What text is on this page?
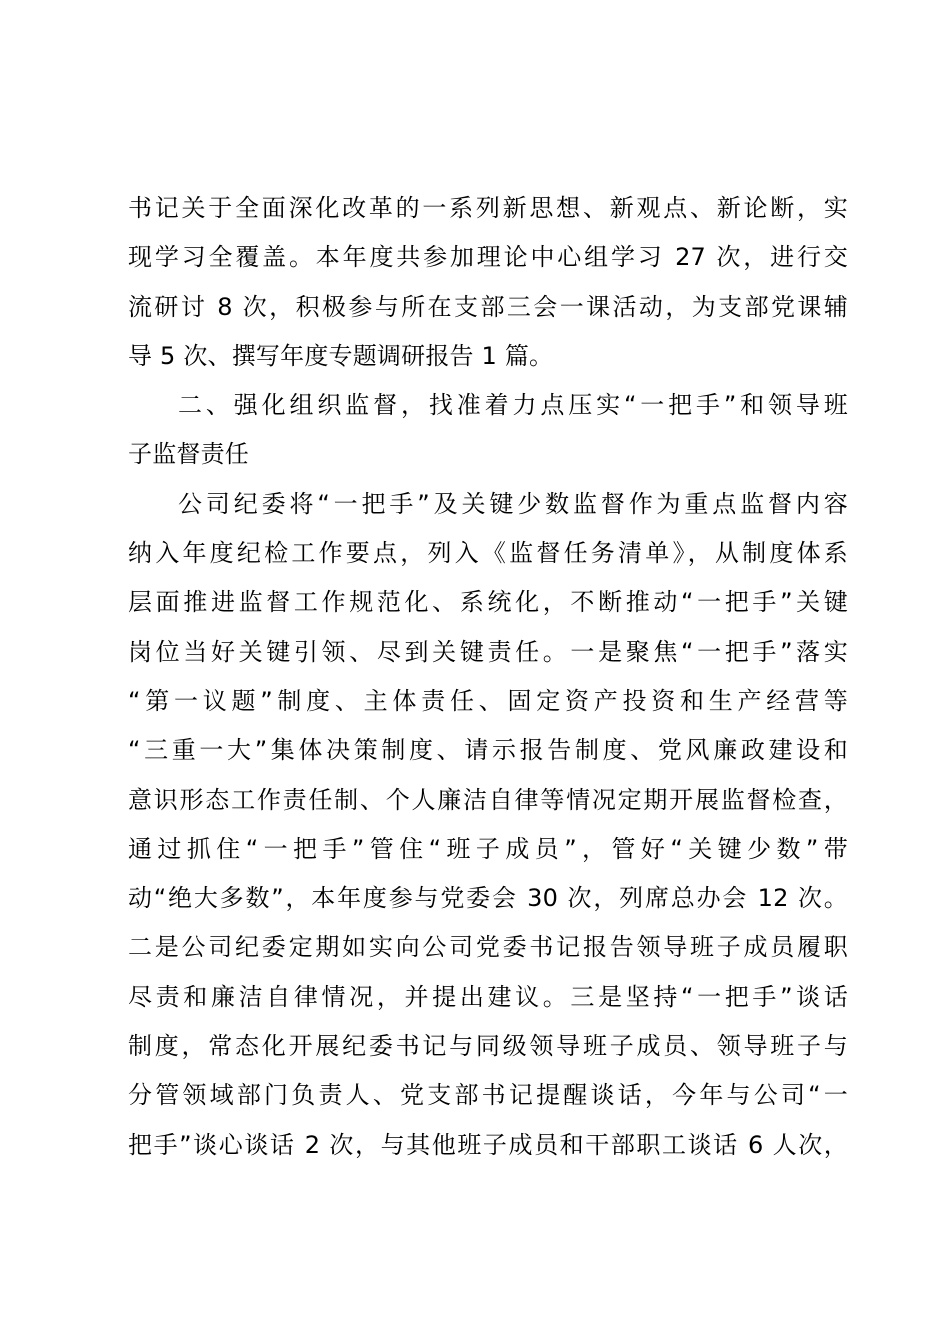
书记关于全面深化改革的一系列新思想、新观点、新论断，实
现学习全覆盖。本年度共参加理论中心组学习 27 次，进行交
流研讨 8 次，积极参与所在支部三会一课活动，为支部党课辅
导 5 次、撰写年度专题调研报告 1 篇。
二、强化组织监督，找准着力点压实“一把手”和领导班
子监督责任
公司纪委将“一把手”及关键少数监督作为重点监督内容
纳入年度纪检工作要点，列入《监督任务清单》，从制度体系
层面推进监督工作规范化、系统化，不断推动“一把手”关键
岗位当好关键引领、尽到关键责任。一是聚焦“一把手”落实
“第一议题”制度、主体责任、固定资产投资和生产经营等
“三重一大”集体决策制度、请示报告制度、党风廉政建设和
意识形态工作责任制、个人廉洁自律等情况定期开展监督检查，
通过抓住“一把手”管住“班子成员”，管好“关键少数”带
动“绝大多数”，本年度参与党委会 30 次，列席总办会 12 次。
二是公司纪委定期如实向公司党委书记报告领导班子成员履职
尽责和廉洁自律情况，并提出建议。三是坚持“一把手”谈话
制度，常态化开展纪委书记与同级领导班子成员、领导班子与
分管领域部门负责人、党支部书记提醒谈话，今年与公司“一
把手”谈心谈话 2 次，与其他班子成员和干部职工谈话 6 人次，
